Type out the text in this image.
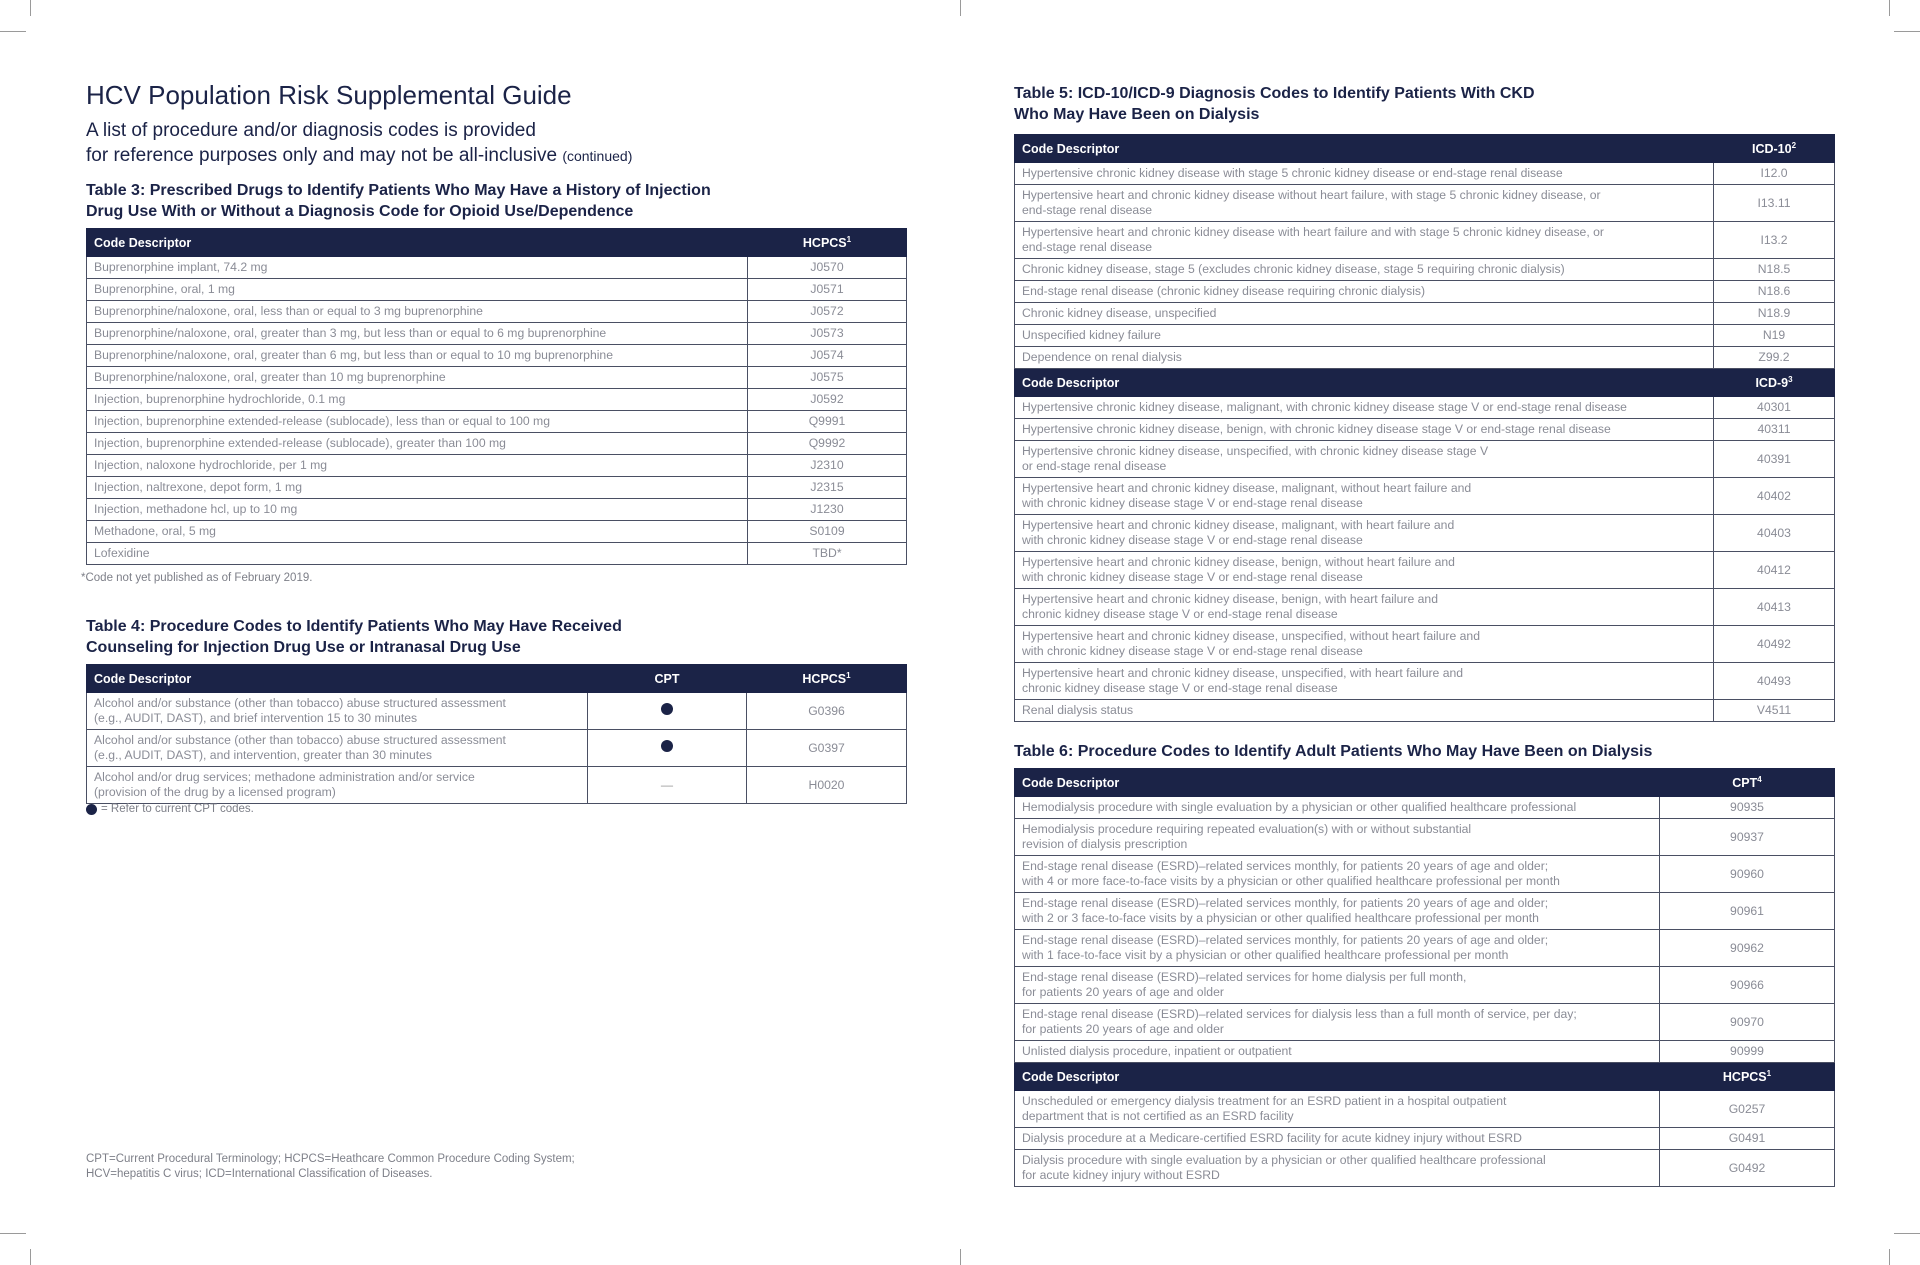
HCV Population Risk Supplemental Guide
A list of procedure and/or diagnosis codes is provided
for reference purposes only and may not be all-inclusive (continued)
Table 3: Prescribed Drugs to Identify Patients Who May Have a History of Injection
Drug Use With or Without a Diagnosis Code for Opioid Use/Dependence
Code Descriptor	HCPCS$^1$
Buprenorphine implant, 74.2 mg	J0570
Buprenorphine, oral, 1 mg	J0571
Buprenorphine/naloxone, oral, less than or equal to 3 mg buprenorphine	J0572
Buprenorphine/naloxone, oral, greater than 3 mg, but less than or equal to 6 mg buprenorphine	J0573
Buprenorphine/naloxone, oral, greater than 6 mg, but less than or equal to 10 mg buprenorphine	J0574
Buprenorphine/naloxone, oral, greater than 10 mg buprenorphine	J0575
Injection, buprenorphine hydrochloride, 0.1 mg	J0592
Injection, buprenorphine extended-release (sublocade), less than or equal to 100 mg	Q9991
Injection, buprenorphine extended-release (sublocade), greater than 100 mg	Q9992
Injection, naloxone hydrochloride, per 1 mg	J2310
Injection, naltrexone, depot form, 1 mg	J2315
Injection, methadone hcl, up to 10 mg	J1230
Methadone, oral, 5 mg	S0109
Lofexidine	TBD*
*Code not yet published as of February 2019.
Table 4: Procedure Codes to Identify Patients Who May Have Received
Counseling for Injection Drug Use or Intranasal Drug Use
Code Descriptor	CPT	HCPCS$^1$
Alcohol and/or substance (other than tobacco) abuse structured assessment
(e.g., AUDIT, DAST), and brief intervention 15 to 30 minutes		G0396
Alcohol and/or substance (other than tobacco) abuse structured assessment
(e.g., AUDIT, DAST), and intervention, greater than 30 minutes		G0397
Alcohol and/or drug services; methadone administration and/or service
(provision of the drug by a licensed program)	—	H0020
= Refer to current CPT codes.
CPT=Current Procedural Terminology; HCPCS=Heathcare Common Procedure Coding System;
HCV=hepatitis C virus; ICD=International Classification of Diseases.
Table 5: ICD-10/ICD-9 Diagnosis Codes to Identify Patients With CKD
Who May Have Been on Dialysis
Code Descriptor	ICD-$10^2$
Hypertensive chronic kidney disease with stage 5 chronic kidney disease or end-stage renal disease	I12.0
Hypertensive heart and chronic kidney disease without heart failure, with stage 5 chronic kidney disease, or
end-stage renal disease	I13.11
Hypertensive heart and chronic kidney disease with heart failure and with stage 5 chronic kidney disease, or
end-stage renal disease	I13.2
Chronic kidney disease, stage 5 (excludes chronic kidney disease, stage 5 requiring chronic dialysis)	N18.5
End-stage renal disease (chronic kidney disease requiring chronic dialysis)	N18.6
Chronic kidney disease, unspecified	N18.9
Unspecified kidney failure	N19
Dependence on renal dialysis	Z99.2
Code Descriptor	ICD-$9^3$
Hypertensive chronic kidney disease, malignant, with chronic kidney disease stage V or end-stage renal disease	40301
Hypertensive chronic kidney disease, benign, with chronic kidney disease stage V or end-stage renal disease	40311
Hypertensive chronic kidney disease, unspecified, with chronic kidney disease stage V
or end-stage renal disease	40391
Hypertensive heart and chronic kidney disease, malignant, without heart failure and
with chronic kidney disease stage V or end-stage renal disease	40402
Hypertensive heart and chronic kidney disease, malignant, with heart failure and
with chronic kidney disease stage V or end-stage renal disease	40403
Hypertensive heart and chronic kidney disease, benign, without heart failure and
with chronic kidney disease stage V or end-stage renal disease	40412
Hypertensive heart and chronic kidney disease, benign, with heart failure and
chronic kidney disease stage V or end-stage renal disease	40413
Hypertensive heart and chronic kidney disease, unspecified, without heart failure and
with chronic kidney disease stage V or end-stage renal disease	40492
Hypertensive heart and chronic kidney disease, unspecified, with heart failure and
chronic kidney disease stage V or end-stage renal disease	40493
Renal dialysis status	V4511
Table 6: Procedure Codes to Identify Adult Patients Who May Have Been on Dialysis
Code Descriptor	CPT$^4$
Hemodialysis procedure with single evaluation by a physician or other qualified healthcare professional	90935
Hemodialysis procedure requiring repeated evaluation(s) with or without substantial
revision of dialysis prescription	90937
End-stage renal disease (ESRD)–related services monthly, for patients 20 years of age and older;
with 4 or more face-to-face visits by a physician or other qualified healthcare professional per month	90960
End-stage renal disease (ESRD)–related services monthly, for patients 20 years of age and older;
with 2 or 3 face-to-face visits by a physician or other qualified healthcare professional per month	90961
End-stage renal disease (ESRD)–related services monthly, for patients 20 years of age and older;
with 1 face-to-face visit by a physician or other qualified healthcare professional per month	90962
End-stage renal disease (ESRD)–related services for home dialysis per full month,
for patients 20 years of age and older	90966
End-stage renal disease (ESRD)–related services for dialysis less than a full month of service, per day;
for patients 20 years of age and older	90970
Unlisted dialysis procedure, inpatient or outpatient	90999
Code Descriptor	HCPCS$^1$
Unscheduled or emergency dialysis treatment for an ESRD patient in a hospital outpatient
department that is not certified as an ESRD facility	G0257
Dialysis procedure at a Medicare-certified ESRD facility for acute kidney injury without ESRD	G0491
Dialysis procedure with single evaluation by a physician or other qualified healthcare professional
for acute kidney injury without ESRD	G0492
